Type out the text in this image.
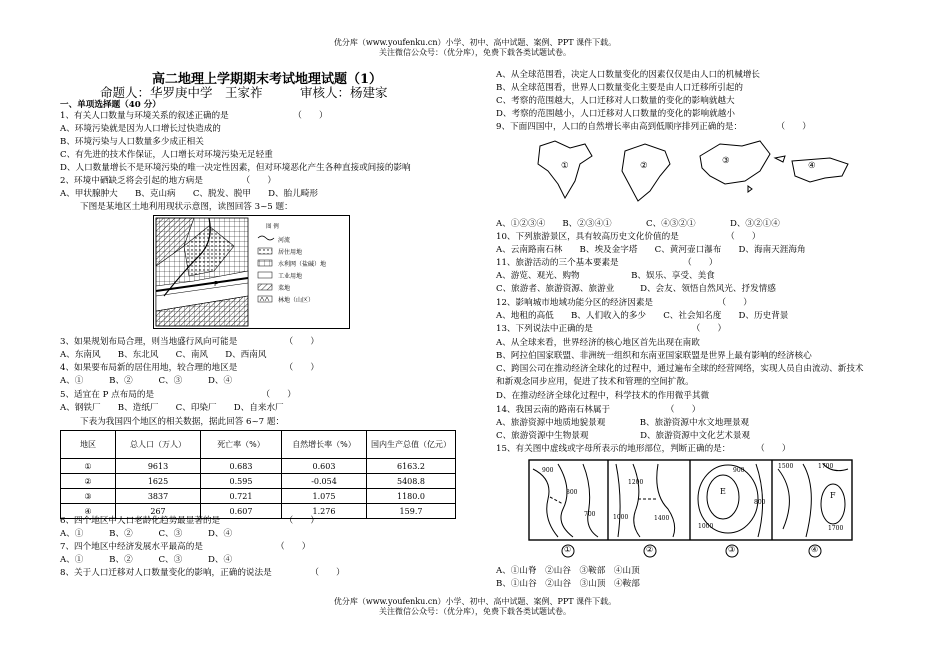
优分库（www.youfenku.cn）小学、初中、高中试题、案例、PPT 课件下载。
关注微信公众号：（优分库），免费下载各类试题试卷。
高二地理上学期期末考试地理试题（1）
命题人：华罗庚中学　王家祚　　　审核人：杨建家
一、单项选择题（40 分）
1、有关人口数量与环境关系的叙述正确的是　　　　　　　　（　　）
A、环境污染就是因为人口增长过快造成的
B、环境污染与人口数量多少成正相关
C、有先进的技术作保证，人口增长对环境污染无足轻重
D、人口数量增长不是环境污染的唯一决定性因素，但对环境恶化产生各种直接或间接的影响
2、环境中硒缺乏将会引起的地方病是　　　　　（　　）
A、甲状腺肿大　　B、克山病　　C、脱发、脱甲　　D、胎儿畸形
下图是某地区土地利用现状示意图，读图回答 3~5 题：
P
图 例
河流
居住用地
水利网（盐碱）地
工业用地
菜地
林地（山区）
3、如果规划布局合理，则当地盛行风向可能是　　　　　　（　　）
A、东南风　　B、东北风　　C、南风　　D、西南风
4、如果要布局新的居住用地，较合理的地区是　　　　　　（　　）
A、①　　　B、②　　　C、③　　　D、④
5、适宜在 P 点布局的是　　　　　　　　　　　　　（　　）
A、钢铁厂　　B、造纸厂　　C、印染厂　　D、自来水厂
下表为我国四个地区的相关数据，据此回答 6~7 题：
地区	总人口（万人）	死亡率（%）	自然增长率（%）	国内生产总值（亿元）
①	9613	0.683	0.603	6163.2
②	1625	0.595	-0.054	5408.8
③	3837	0.721	1.075	1180.0
④	267	0.607	1.276	159.7
6、四个地区中人口老龄化趋势最显著的是　　　　　　　　（　　）
A、①　　　B、②　　　C、③　　　D、④
7、四个地区中经济发展水平最高的是　　　　　　　　　（　　）
A、①　　　B、②　　　C、③　　　D、④
8、关于人口迁移对人口数量变化的影响，正确的说法是　　　　　（　　）
A、从全球范围看，决定人口数量变化的因素仅仅是由人口的机械增长
B、从全球范围看，世界人口数量变化主要是由人口迁移所引起的
C、考察的范围越大，人口迁移对人口数量的变化的影响就越大
D、考察的范围越小，人口迁移对人口数量的变化的影响就越小
9、下面四国中，人口的自然增长率由高到低顺序排列正确的是：　　　　　（　　）
①	②	③	④
A、①②③④　　B、②③④①　　　　C、④③②①　　　　D、③②①④
10、下列旅游景区，具有较高历史文化价值的是　　　　　　（　　）
A、云南路南石林　　B、埃及金字塔　　C、黄河壶口瀑布　　D、海南天涯海角
11、旅游活动的三个基本要素是　　　　　　　　（　　）
A、游览、观光、购物　　　　　　B、娱乐、享受、美食
C、旅游者、旅游资源、旅游业　　　D、会友、领悟自然风光、抒发情感
12、影响城市地域功能分区的经济因素是　　　　　　　　（　　）
A、地租的高低　　B、人们收入的多少　　C、社会知名度　　D、历史背景
13、下列说法中正确的是　　　　　　　　　　　　（　　）
A、从全球来看，世界经济的核心地区首先出现在南欧
B、阿拉伯国家联盟、非洲统一组织和东南亚国家联盟是世界上最有影响的经济核心
C、跨国公司在推动经济全球化的过程中，通过遍布全球的经营网络，实现人员自由流动、新技术
和新观念同步应用，促进了技术和管理的空间扩散。
D、在推动经济全球化过程中，科学技术的作用微乎其微
14、我国云南的路南石林属于　　　　　　　（　　）
A、旅游资源中地质地貌景观　　　　B、旅游资源中水文地理景观
C、旅游资源中生物景观　　　　　　D、旅游资源中文化艺术景观
15、有关图中虚线或字母所表示的地形部位，判断正确的是：　　　　（　　）
①	②	③	④
900
800
700	1000
1200
1400
1000
900
800
1500	1700
1700
E	F
A、①山脊　②山谷　③鞍部　④山顶
B、①山谷　②山谷　③山顶　④鞍部
优分库（www.youfenku.cn）小学、初中、高中试题、案例、PPT 课件下载。
关注微信公众号：（优分库），免费下载各类试题试卷。
